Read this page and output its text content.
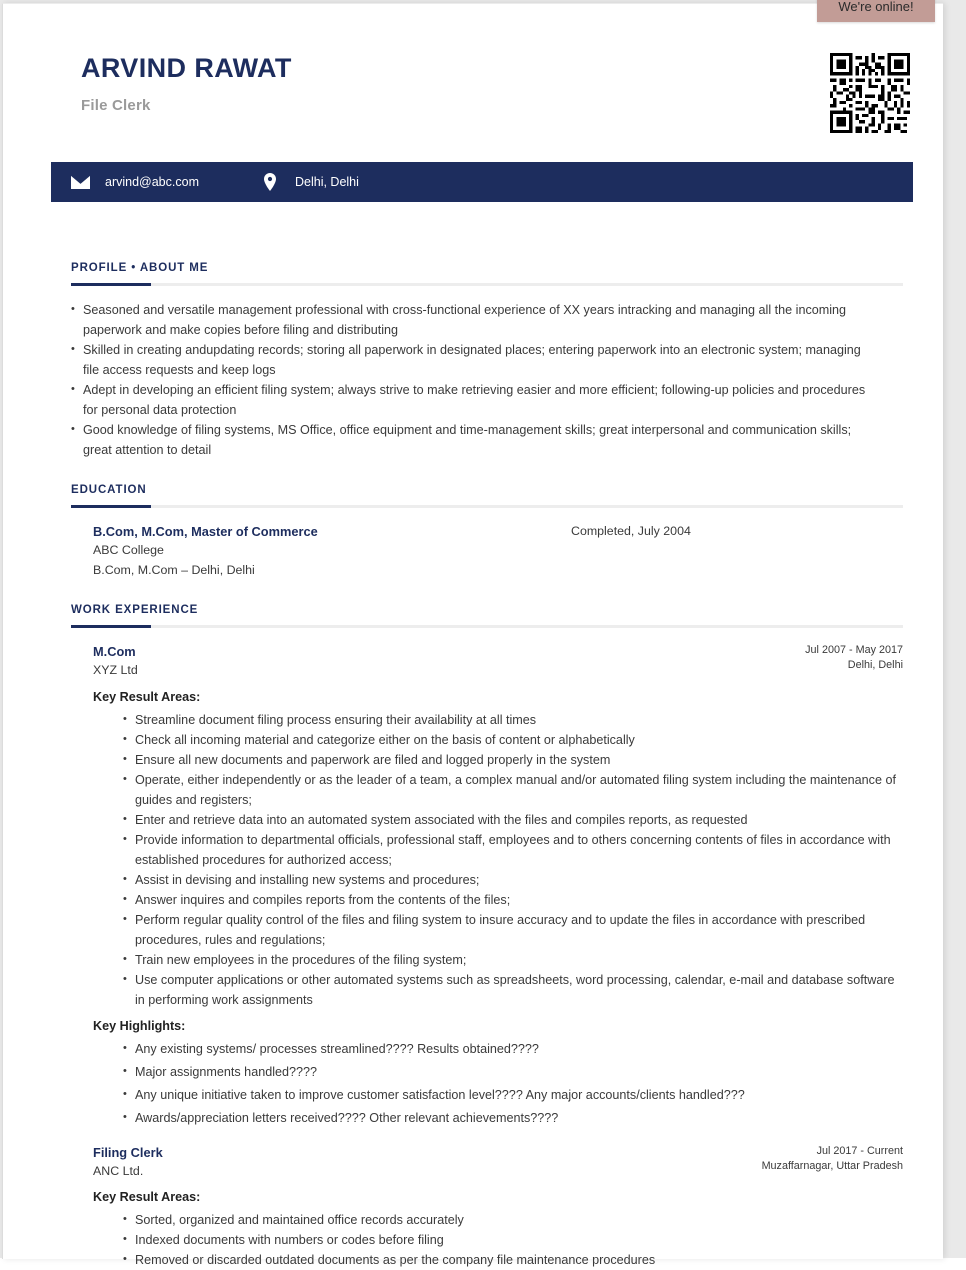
We're online!
ARVIND RAWAT
File Clerk
arvind@abc.com	Delhi, Delhi
PROFILE • ABOUT ME
• Seasoned and versatile management professional with cross-functional experience of XX years intracking and managing all the incoming paperwork and make copies before filing and distributing
• Skilled in creating andupdating records; storing all paperwork in designated places; entering paperwork into an electronic system; managing file access requests and keep logs
• Adept in developing an efficient filing system; always strive to make retrieving easier and more efficient; following-up policies and procedures for personal data protection
• Good knowledge of filing systems, MS Office, office equipment and time-management skills; great interpersonal and communication skills; great attention to detail
EDUCATION
B.Com, M.Com, Master of Commerce
ABC College
B.Com, M.Com – Delhi, Delhi
Completed, July 2004
WORK EXPERIENCE
M.Com
XYZ Ltd
Jul 2007 - May 2017
Delhi, Delhi
Key Result Areas:
• Streamline document filing process ensuring their availability at all times
• Check all incoming material and categorize either on the basis of content or alphabetically
• Ensure all new documents and paperwork are filed and logged properly in the system
• Operate, either independently or as the leader of a team, a complex manual and/or automated filing system including the maintenance of guides and registers;
• Enter and retrieve data into an automated system associated with the files and compiles reports, as requested
• Provide information to departmental officials, professional staff, employees and to others concerning contents of files in accordance with established procedures for authorized access;
• Assist in devising and installing new systems and procedures;
• Answer inquires and compiles reports from the contents of the files;
• Perform regular quality control of the files and filing system to insure accuracy and to update the files in accordance with prescribed procedures, rules and regulations;
• Train new employees in the procedures of the filing system;
• Use computer applications or other automated systems such as spreadsheets, word processing, calendar, e-mail and database software in performing work assignments
Key Highlights:
• Any existing systems/ processes streamlined???? Results obtained????
• Major assignments handled????
• Any unique initiative taken to improve customer satisfaction level???? Any major accounts/clients handled???
• Awards/appreciation letters received???? Other relevant achievements????
Filing Clerk
ANC Ltd.
Jul 2017 - Current
Muzaffarnagar, Uttar Pradesh
Key Result Areas:
• Sorted, organized and maintained office records accurately
• Indexed documents with numbers or codes before filing
• Removed or discarded outdated documents as per the company file maintenance procedures
